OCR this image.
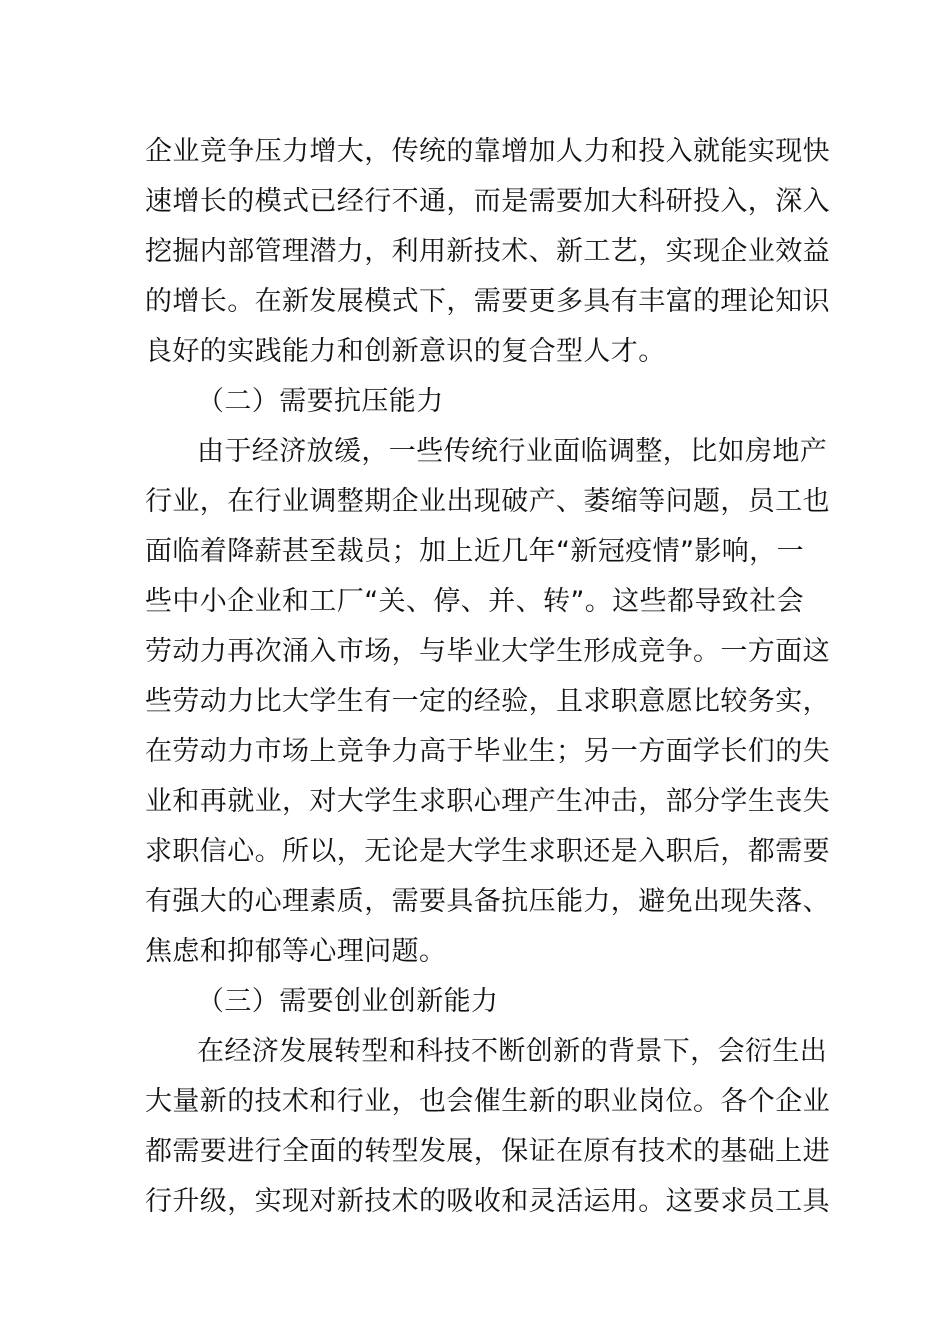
企业竞争压力增大，传统的靠增加人力和投入就能实现快
速增长的模式已经行不通，而是需要加大科研投入，深入
挖掘内部管理潜力，利用新技术、新工艺，实现企业效益
的增长。在新发展模式下，需要更多具有丰富的理论知识
良好的实践能力和创新意识的复合型人才。
（二）需要抗压能力
由于经济放缓，一些传统行业面临调整，比如房地产
行业，在行业调整期企业出现破产、萎缩等问题，员工也
面临着降薪甚至裁员；加上近几年“新冠疫情”影响，一
些中小企业和工厂“关、停、并、转”。这些都导致社会
劳动力再次涌入市场，与毕业大学生形成竞争。一方面这
些劳动力比大学生有一定的经验，且求职意愿比较务实，
在劳动力市场上竞争力高于毕业生；另一方面学长们的失
业和再就业，对大学生求职心理产生冲击，部分学生丧失
求职信心。所以，无论是大学生求职还是入职后，都需要
有强大的心理素质，需要具备抗压能力，避免出现失落、
焦虑和抑郁等心理问题。
（三）需要创业创新能力
在经济发展转型和科技不断创新的背景下，会衍生出
大量新的技术和行业，也会催生新的职业岗位。各个企业
都需要进行全面的转型发展，保证在原有技术的基础上进
行升级，实现对新技术的吸收和灵活运用。这要求员工具
